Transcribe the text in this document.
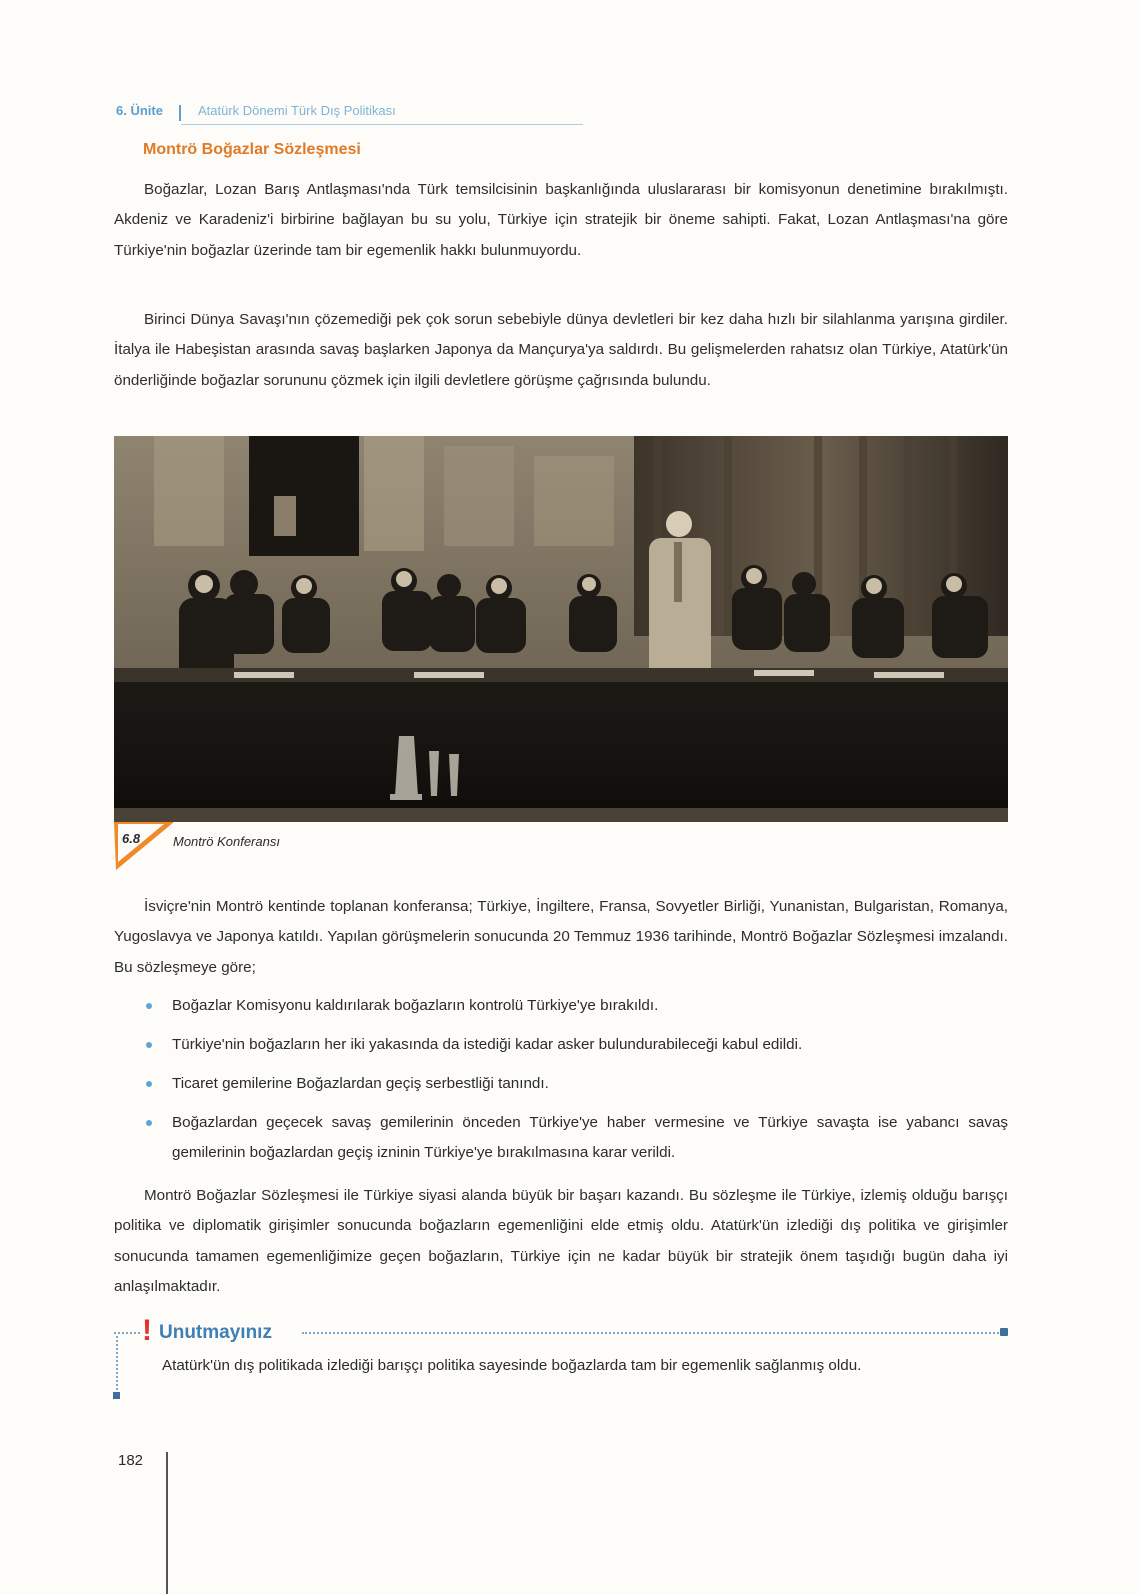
6. Ünite	Atatürk Dönemi Türk Dış Politikası
Montrö Boğazlar Sözleşmesi

Boğazlar, Lozan Barış Antlaşması'nda Türk temsilcisinin başkanlığında uluslararası bir komisyonun denetimine bırakılmıştı. Akdeniz ve Karadeniz'i birbirine bağlayan bu su yolu, Türkiye için stratejik bir öneme sahipti. Fakat, Lozan Antlaşması'na göre Türkiye'nin boğazlar üzerinde tam bir egemenlik hakkı bulunmuyordu.

Birinci Dünya Savaşı'nın çözemediği pek çok sorun sebebiyle dünya devletleri bir kez daha hızlı bir silahlanma yarışına girdiler. İtalya ile Habeşistan arasında savaş başlarken Japonya da Mançurya'ya saldırdı. Bu gelişmelerden rahatsız olan Türkiye, Atatürk'ün önderliğinde boğazlar sorununu çözmek için ilgili devletlere görüşme çağrısında bulundu.

6.8	Montrö Konferansı

İsviçre'nin Montrö kentinde toplanan konferansa; Türkiye, İngiltere, Fransa, Sovyetler Birliği, Yunanistan, Bulgaristan, Romanya, Yugoslavya ve Japonya katıldı. Yapılan görüşmelerin sonucunda 20 Temmuz 1936 tarihinde, Montrö Boğazlar Sözleşmesi imzalandı. Bu sözleşmeye göre;

Boğazlar Komisyonu kaldırılarak boğazların kontrolü Türkiye'ye bırakıldı.
Türkiye'nin boğazların her iki yakasında da istediği kadar asker bulundurabileceği kabul edildi.
Ticaret gemilerine Boğazlardan geçiş serbestliği tanındı.
Boğazlardan geçecek savaş gemilerinin önceden Türkiye'ye haber vermesine ve Türkiye savaşta ise yabancı savaş gemilerinin boğazlardan geçiş izninin Türkiye'ye bırakılmasına karar verildi.

Montrö Boğazlar Sözleşmesi ile Türkiye siyasi alanda büyük bir başarı kazandı. Bu sözleşme ile Türkiye, izlemiş olduğu barışçı politika ve diplomatik girişimler sonucunda boğazların egemenliğini elde etmiş oldu. Atatürk'ün izlediği dış politika ve girişimler sonucunda tamamen egemenliğimize geçen boğazların, Türkiye için ne kadar büyük bir stratejik önem taşıdığı bugün daha iyi anlaşılmaktadır.

! Unutmayınız

Atatürk'ün dış politikada izlediği barışçı politika sayesinde boğazlarda tam bir egemenlik sağlanmış oldu.

182
